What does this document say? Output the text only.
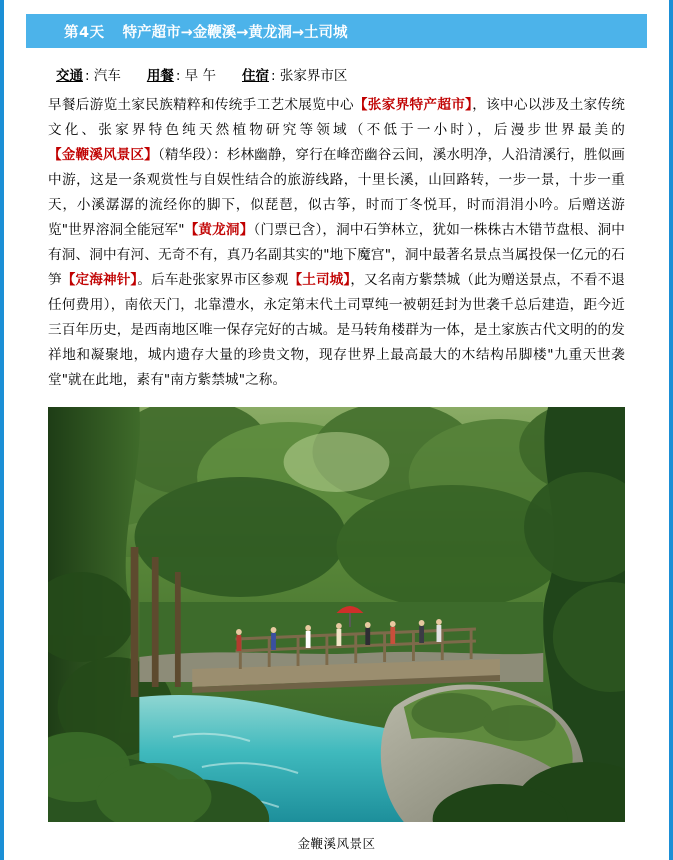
第4天 特产超市→金鞭溪→黄龙洞→土司城
交通 : 汽车 用餐 : 早 午 住宿 : 张家界市区

早餐后游览土家民族精粹和传统手工艺术展览中心【张家界特产超市】，该中心以涉及土家传统文化、张家界特色纯天然植物研究等领域（不低于一小时），后漫步世界最美的【金鞭溪风景区】（精华段）：杉林幽静，穿行在峰峦幽谷云间，溪水明净，人沿清溪行，胜似画中游，这是一条观赏性与自娱性结合的旅游线路，十里长溪，山回路转，一步一景，十步一重天，小溪潺潺的流经你的脚下，似琵琶，似古筝，时而丁冬悦耳，时而涓涓小吟。后赠送游览"世界溶洞全能冠军"【黄龙洞】（门票已含），洞中石笋林立，犹如一株株古木错节盘根、洞中有洞、洞中有河、无奇不有，真乃名副其实的"地下魔宫"，洞中最著名景点当属投保一亿元的石笋【定海神针】。后车赴张家界市区参观【土司城】，又名南方紫禁城（此为赠送景点，不看不退任何费用），南依天门，北靠澧水，永定第末代土司覃纯一被朝廷封为世袭千总后建造，距今近三百年历史，是西南地区唯一保存完好的古城。是马转角楼群为一体，是土家族古代文明的的发祥地和凝聚地，城内遗存大量的珍贵文物，现存世界上最高最大的木结构吊脚楼"九重天世袭堂"就在此地，素有"南方紫禁城"之称。

金鞭溪风景区
